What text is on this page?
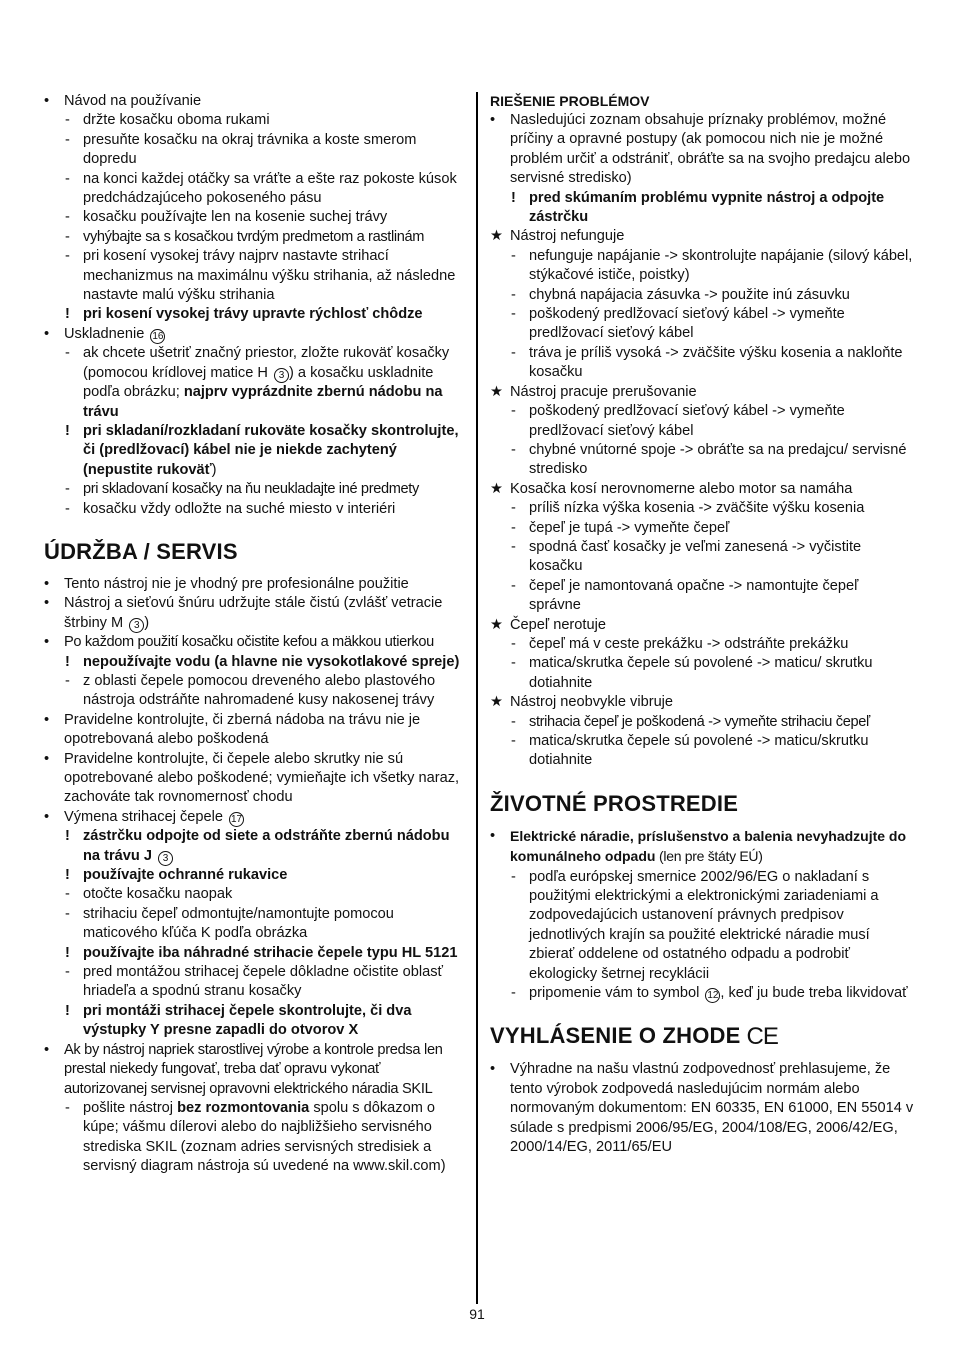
• Návod na používanie
- držte kosačku oboma rukami
- presuňte kosačku na okraj trávnika a koste smerom dopredu
- na konci každej otáčky sa vráťte a ešte raz pokoste kúsok predchádzajúceho pokoseného pásu
- kosačku používajte len na kosenie suchej trávy
- vyhýbajte sa s kosačkou tvrdým predmetom a rastlinám
- pri kosení vysokej trávy najprv nastavte strihací mechanizmus na maximálnu výšku strihania, až následne nastavte malú výšku strihania
! pri kosení vysokej trávy upravte rýchlosť chôdze
• Uskladnenie 16
- ak chcete ušetriť značný priestor, zložte rukoväť kosačky (pomocou krídlovej matice H 3 ) a kosačku uskladnite podľa obrázku; najprv vyprázdnite zbernú nádobu na trávu
! pri skladaní/rozkladaní rukoväte kosačky skontrolujte, či (predlžovací) kábel nie je niekde zachytený (nepustite rukoväť)
- pri skladovaní kosačky na ňu neukladajte iné predmety
- kosačku vždy odložte na suché miesto v interiéri
ÚDRŽBA / SERVIS
• Tento nástroj nie je vhodný pre profesionálne použitie
• Nástroj a sieťovú šnúru udržujte stále čistú (zvlášť vetracie štrbiny M 3 )
• Po každom použití kosačku očistite kefou a mäkkou utierkou
! nepoužívajte vodu (a hlavne nie vysokotlakové spreje)
- z oblasti čepele pomocou dreveného alebo plastového nástroja odstráňte nahromadené kusy nakosenej trávy
• Pravidelne kontrolujte, či zberná nádoba na trávu nie je opotrebovaná alebo poškodená
• Pravidelne kontrolujte, či čepele alebo skrutky nie sú opotrebované alebo poškodené; vymieňajte ich všetky naraz, zachováte tak rovnomernosť chodu
• Výmena strihacej čepele 17
! zástrčku odpojte od siete a odstráňte zbernú nádobu na trávu J 3
! používajte ochranné rukavice
- otočte kosačku naopak
- strihaciu čepeľ odmontujte/namontujte pomocou maticového kľúča K podľa obrázka
! používajte iba náhradné strihacie čepele typu HL 5121
- pred montážou strihacej čepele dôkladne očistite oblasť hriadeľa a spodnú stranu kosačky
! pri montáži strihacej čepele skontrolujte, či dva výstupky Y presne zapadli do otvorov X
• Ak by nástroj napriek starostlivej výrobe a kontrole predsa len prestal niekedy fungovať, treba dať opravu vykonať autorizovanej servisnej opravovni elektrického náradia SKIL
- pošlite nástroj bez rozmontovania spolu s dôkazom o kúpe; vášmu dílerovi alebo do najbližšieho servisného strediska SKIL (zoznam adries servisných stredisiek a servisný diagram nástroja sú uvedené na www.skil.com)
RIEŠENIE PROBLÉMOV
• Nasledujúci zoznam obsahuje príznaky problémov, možné príčiny a opravné postupy (ak pomocou nich nie je možné problém určiť a odstrániť, obráťte sa na svojho predajcu alebo servisné stredisko)
! pred skúmaním problému vypnite nástroj a odpojte zástrčku
★ Nástroj nefunguje
- nefunguje napájanie -> skontrolujte napájanie (silový kábel, stýkačové ističe, poistky)
- chybná napájacia zásuvka -> použite inú zásuvku
- poškodený predlžovací sieťový kábel -> vymeňte predlžovací sieťový kábel
- tráva je príliš vysoká -> zväčšite výšku kosenia a nakloňte kosačku
★ Nástroj pracuje prerušovanie
- poškodený predlžovací sieťový kábel -> vymeňte predlžovací sieťový kábel
- chybné vnútorné spoje -> obráťte sa na predajcu/ servisné stredisko
★ Kosačka kosí nerovnomerne alebo motor sa namáha
- príliš nízka výška kosenia -> zväčšite výšku kosenia
- čepeľ je tupá -> vymeňte čepeľ
- spodná časť kosačky je veľmi zanesená -> vyčistite kosačku
- čepeľ je namontovaná opačne -> namontujte čepeľ správne
★ Čepeľ nerotuje
- čepeľ má v ceste prekážku -> odstráňte prekážku
- matica/skrutka čepele sú povolené -> maticu/ skrutku dotiahnite
★ Nástroj neobvykle vibruje
- strihacia čepeľ je poškodená -> vymeňte strihaciu čepeľ
- matica/skrutka čepele sú povolené -> maticu/skrutku dotiahnite
ŽIVOTNÉ PROSTREDIE
• Elektrické náradie, príslušenstvo a balenia nevyhadzujte do komunálneho odpadu (len pre štáty EÚ)
- podľa európskej smernice 2002/96/EG o nakladaní s použitými elektrickými a elektronickými zariadeniami a zodpovedajúcich ustanovení právnych predpisov jednotlivých krajín sa použité elektrické náradie musí zbierať oddelene od ostatného odpadu a podrobiť ekologicky šetrnej recyklácii
- pripomenie vám to symbol 12 , keď ju bude treba likvidovať
VYHLÁSENIE O ZHODE CE
• Výhradne na našu vlastnú zodpovednosť prehlasujeme, že tento výrobok zodpovedá nasledujúcim normám alebo normovaným dokumentom: EN 60335, EN 61000, EN 55014 v súlade s predpismi 2006/95/EG, 2004/108/EG, 2006/42/EG, 2000/14/EG, 2011/65/EU
91
